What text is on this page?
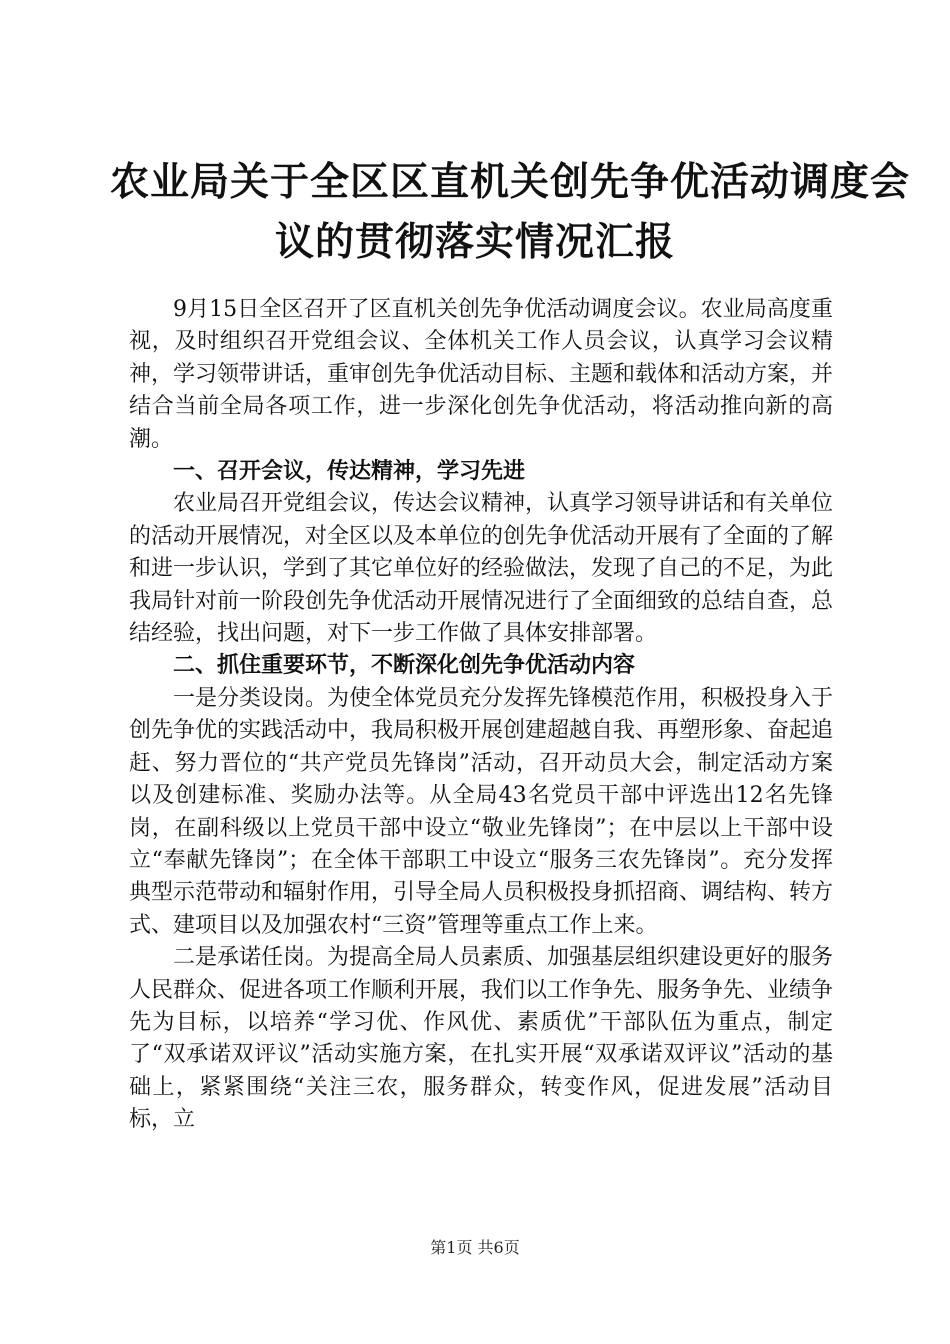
农业局关于全区区直机关创先争优活动调度会
议的贯彻落实情况汇报

9月15日全区召开了区直机关创先争优活动调度会议。农业局高度重视，及时组织召开党组会议、全体机关工作人员会议，认真学习会议精神，学习领带讲话，重审创先争优活动目标、主题和载体和活动方案，并结合当前全局各项工作，进一步深化创先争优活动，将活动推向新的高潮。

一、召开会议，传达精神，学习先进

农业局召开党组会议，传达会议精神，认真学习领导讲话和有关单位的活动开展情况，对全区以及本单位的创先争优活动开展有了全面的了解和进一步认识，学到了其它单位好的经验做法，发现了自己的不足，为此我局针对前一阶段创先争优活动开展情况进行了全面细致的总结自查，总结经验，找出问题，对下一步工作做了具体安排部署。

二、抓住重要环节，不断深化创先争优活动内容

一是分类设岗。为使全体党员充分发挥先锋模范作用，积极投身入于创先争优的实践活动中，我局积极开展创建超越自我、再塑形象、奋起追赶、努力晋位的“共产党员先锋岗”活动，召开动员大会，制定活动方案以及创建标准、奖励办法等。从全局43名党员干部中评选出12名先锋岗，在副科级以上党员干部中设立“敬业先锋岗”；在中层以上干部中设立“奉献先锋岗”；在全体干部职工中设立“服务三农先锋岗”。充分发挥典型示范带动和辐射作用，引导全局人员积极投身抓招商、调结构、转方式、建项目以及加强农村“三资”管理等重点工作上来。

二是承诺任岗。为提高全局人员素质、加强基层组织建设更好的服务人民群众、促进各项工作顺利开展，我们以工作争先、服务争先、业绩争先为目标，以培养“学习优、作风优、素质优”干部队伍为重点，制定了“双承诺双评议”活动实施方案，在扎实开展“双承诺双评议”活动的基础上，紧紧围绕“关注三农，服务群众，转变作风，促进发展”活动目标，立

第1页 共6页
